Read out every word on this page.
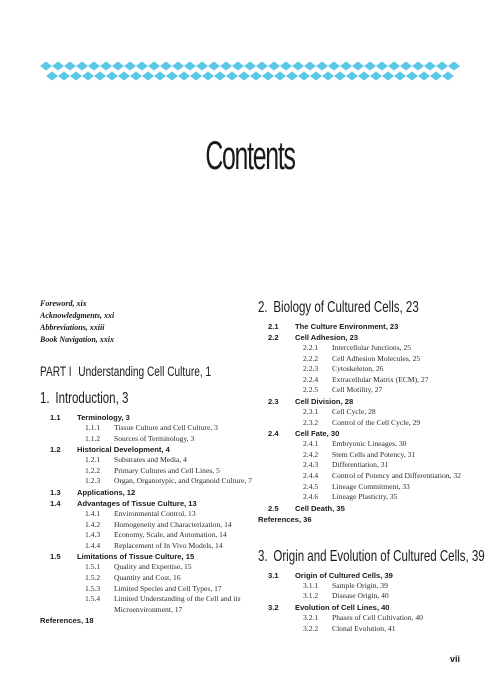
Contents
Foreword, xix
Acknowledgments, xxi
Abbreviations, xxiii
Book Navigation, xxix
PART I Understanding Cell Culture, 1
1. Introduction, 3
1.1	Terminology, 3
1.1.1	Tissue Culture and Cell Culture, 3
1.1.2	Sources of Terminology, 3
1.2	Historical Development, 4
1.2.1	Substrates and Media, 4
1.2.2	Primary Cultures and Cell Lines, 5
1.2.3	Organ, Organotypic, and Organoid Culture, 7
1.3	Applications, 12
1.4	Advantages of Tissue Culture, 13
1.4.1	Environmental Control, 13
1.4.2	Homogeneity and Characterization, 14
1.4.3	Economy, Scale, and Automation, 14
1.4.4	Replacement of In Vivo Models, 14
1.5	Limitations of Tissue Culture, 15
1.5.1	Quality and Expertise, 15
1.5.2	Quantity and Cost, 16
1.5.3	Limited Species and Cell Types, 17
1.5.4	Limited Understanding of the Cell and its Microenvironment, 17
References, 18
2. Biology of Cultured Cells, 23
2.1	The Culture Environment, 23
2.2	Cell Adhesion, 23
2.2.1	Intercellular Junctions, 25
2.2.2	Cell Adhesion Molecules, 25
2.2.3	Cytoskeleton, 26
2.2.4	Extracellular Matrix (ECM), 27
2.2.5	Cell Motility, 27
2.3	Cell Division, 28
2.3.1	Cell Cycle, 28
2.3.2	Control of the Cell Cycle, 29
2.4	Cell Fate, 30
2.4.1	Embryonic Lineages, 30
2.4.2	Stem Cells and Potency, 31
2.4.3	Differentiation, 31
2.4.4	Control of Potency and Differentiation, 32
2.4.5	Lineage Commitment, 33
2.4.6	Lineage Plasticity, 35
2.5	Cell Death, 35
References, 36
3. Origin and Evolution of Cultured Cells, 39
3.1	Origin of Cultured Cells, 39
3.1.1	Sample Origin, 39
3.1.2	Disease Origin, 40
3.2	Evolution of Cell Lines, 40
3.2.1	Phases of Cell Cultivation, 40
3.2.2	Clonal Evolution, 41
vii
